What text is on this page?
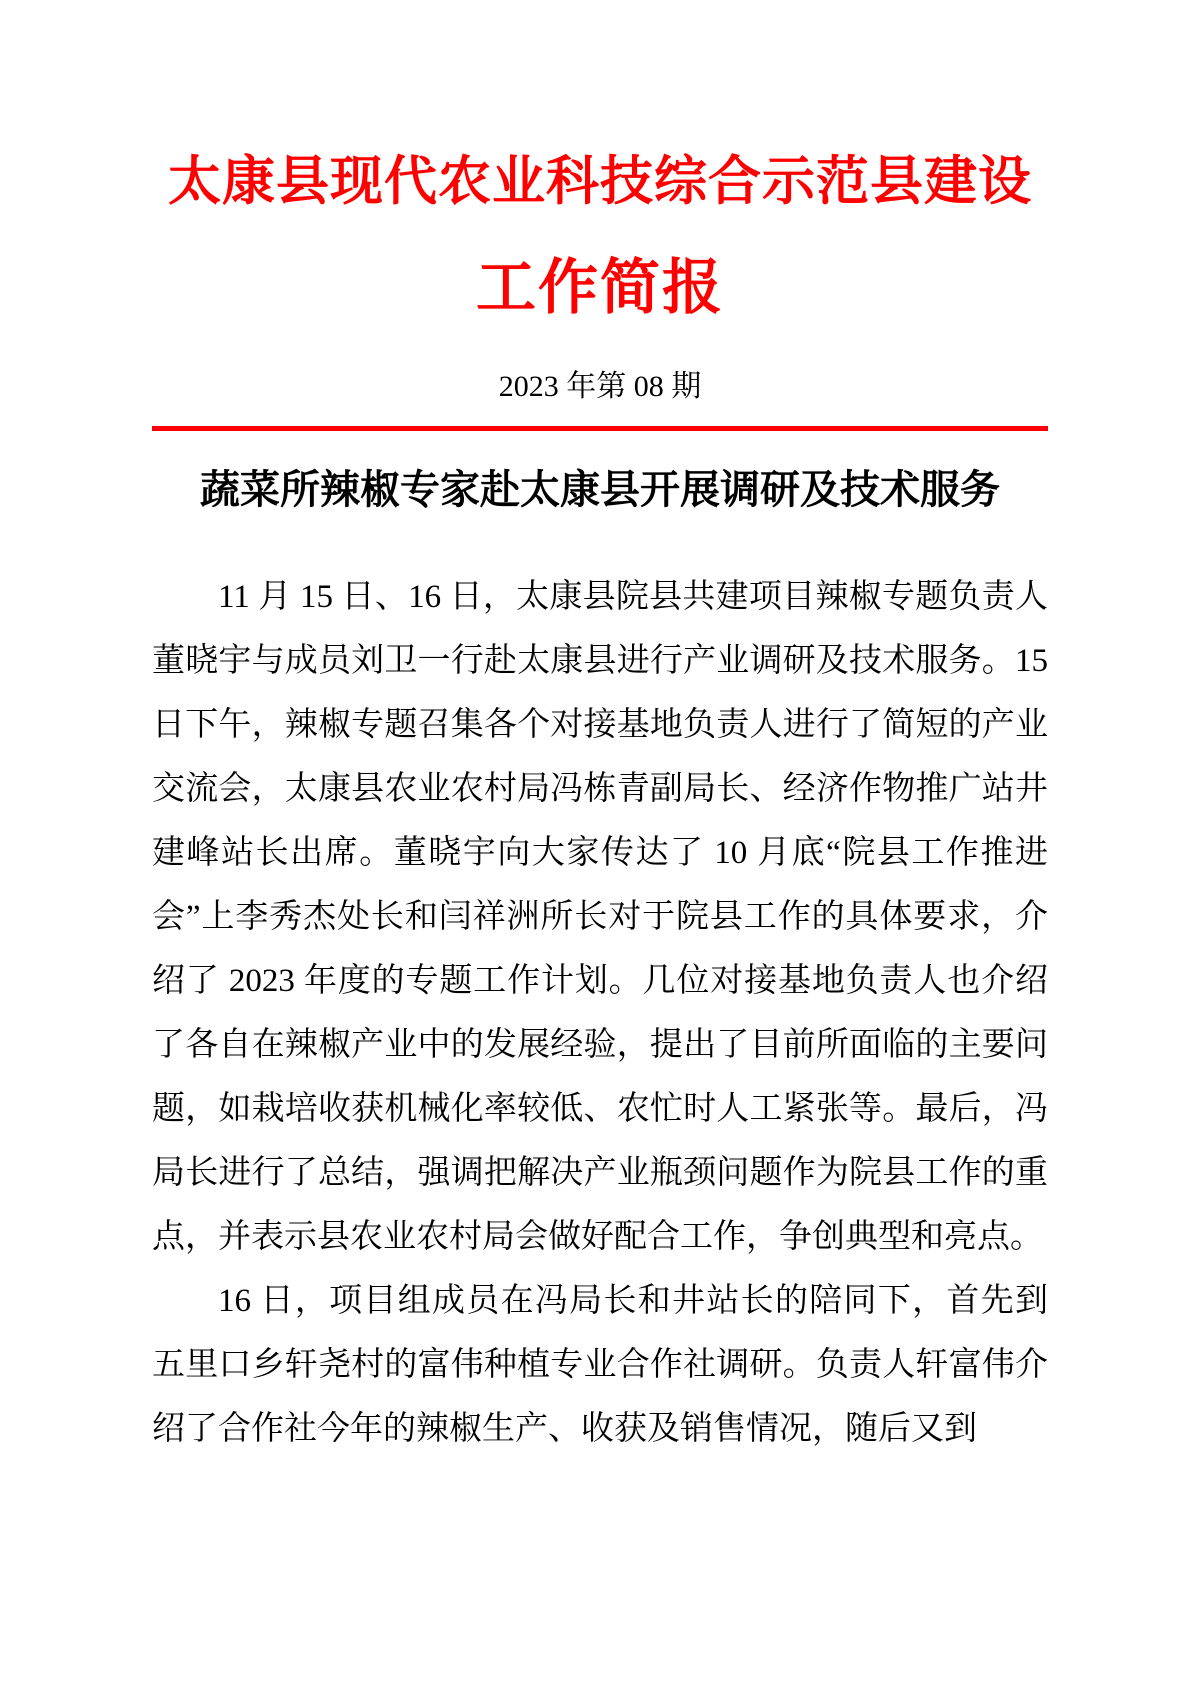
太康县现代农业科技综合示范县建设
工作简报
2023 年第 08 期
蔬菜所辣椒专家赴太康县开展调研及技术服务

11 月 15 日、16 日，太康县院县共建项目辣椒专题负责人董晓宇与成员刘卫一行赴太康县进行产业调研及技术服务。15 日下午，辣椒专题召集各个对接基地负责人进行了简短的产业交流会，太康县农业农村局冯栋青副局长、经济作物推广站井建峰站长出席。董晓宇向大家传达了 10 月底“院县工作推进会”上李秀杰处长和闫祥洲所长对于院县工作的具体要求，介绍了 2023 年度的专题工作计划。几位对接基地负责人也介绍了各自在辣椒产业中的发展经验，提出了目前所面临的主要问题，如栽培收获机械化率较低、农忙时人工紧张等。最后，冯局长进行了总结，强调把解决产业瓶颈问题作为院县工作的重点，并表示县农业农村局会做好配合工作，争创典型和亮点。

16 日，项目组成员在冯局长和井站长的陪同下，首先到五里口乡轩尧村的富伟种植专业合作社调研。负责人轩富伟介绍了合作社今年的辣椒生产、收获及销售情况，随后又到
